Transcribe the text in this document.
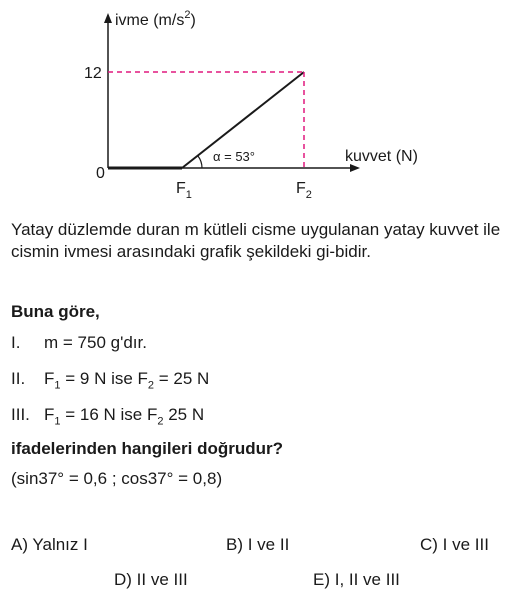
ivme $(m/s^2)$
kuvvet (N)
12
0
$F_1$	$F_2$
α = 53°

Yatay düzlemde duran m kütleli cisme uygulanan yatay kuvvet ile cismin ivmesi arasındaki grafik şekildeki gi-bidir.

Buna göre,
I. m = 750 g'dır.
II. $F_1 = 9$ N ise $F_2 = 25$ N
III. $F_1 = 16$ N ise $F_2$ 25 N
ifadelerinden hangileri doğrudur?
(sin37° = 0,6 ; cos37° = 0,8)
A) Yalnız I	B) I ve II	C) I ve III
D) II ve III	E) I, II ve III
